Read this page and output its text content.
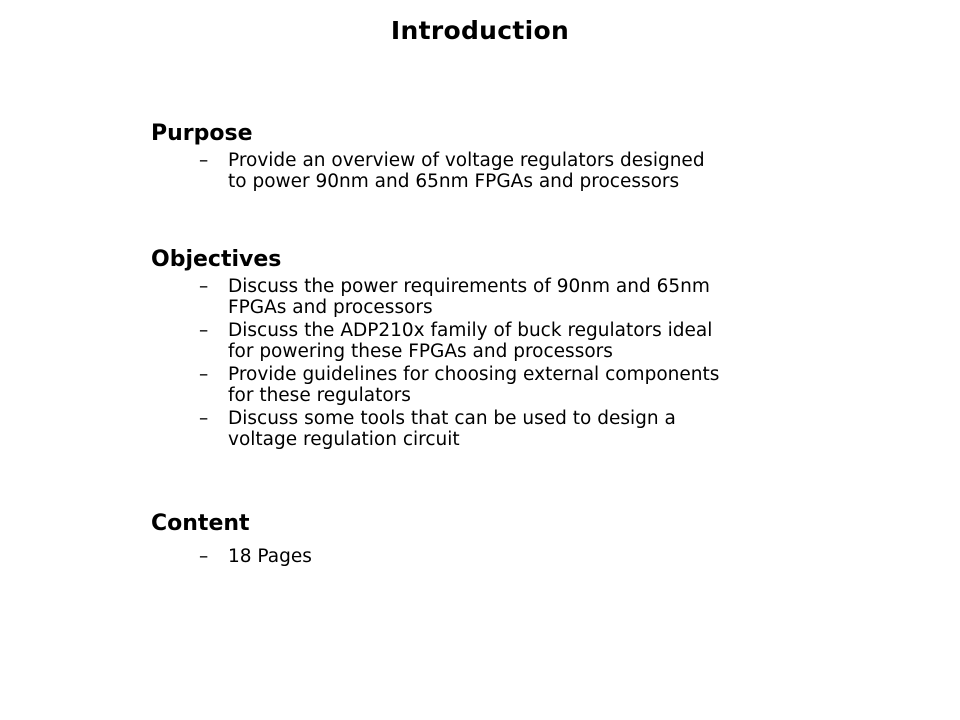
Introduction
Purpose
– Provide an overview of voltage regulators designed
to power 90nm and 65nm FPGAs and processors
Objectives
– Discuss the power requirements of 90nm and 65nm
FPGAs and processors
– Discuss the ADP210x family of buck regulators ideal
for powering these FPGAs and processors
– Provide guidelines for choosing external components
for these regulators
– Discuss some tools that can be used to design a
voltage regulation circuit
Content
– 18 Pages
